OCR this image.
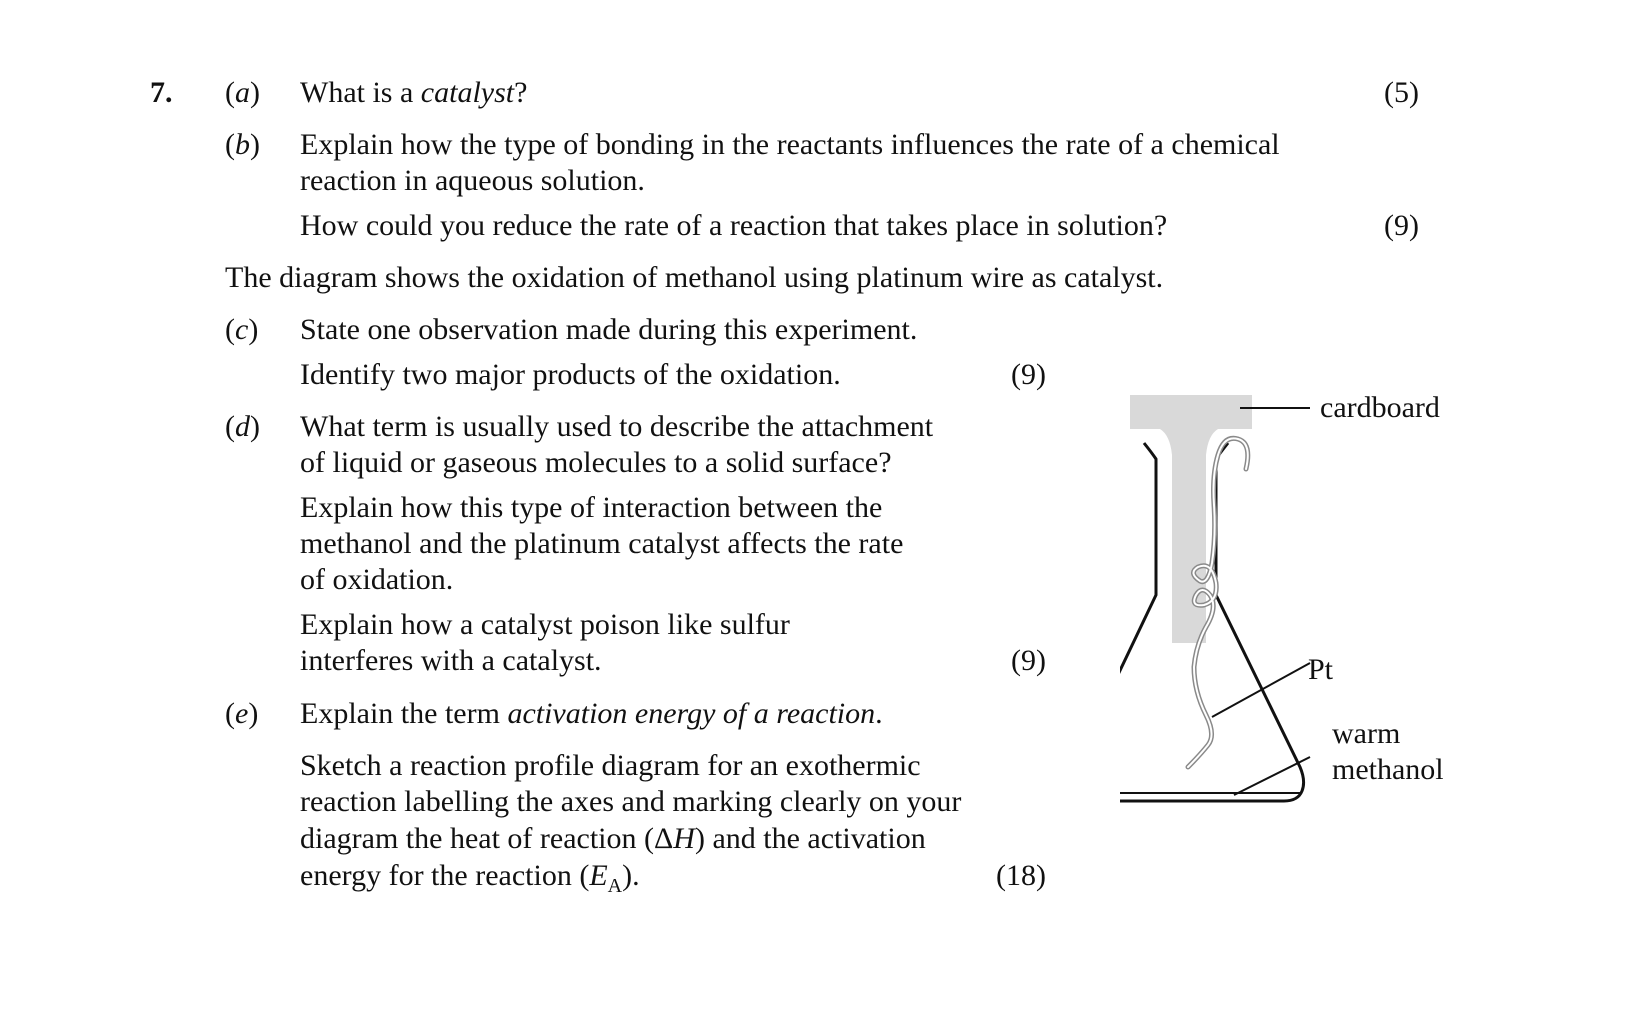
7. (a) What is a catalyst?	(5)
(b) Explain how the type of bonding in the reactants influences the rate of a chemical
reaction in aqueous solution.
How could you reduce the rate of a reaction that takes place in solution?	(9)
The diagram shows the oxidation of methanol using platinum wire as catalyst.
(c) State one observation made during this experiment.
Identify two major products of the oxidation.	(9)
(d) What term is usually used to describe the attachment
of liquid or gaseous molecules to a solid surface?
Explain how this type of interaction between the
methanol and the platinum catalyst affects the rate
of oxidation.
Explain how a catalyst poison like sulfur
interferes with a catalyst.	(9)
(e) Explain the term activation energy of a reaction.
Sketch a reaction profile diagram for an exothermic
reaction labelling the axes and marking clearly on your
diagram the heat of reaction (ΔH) and the activation
energy for the reaction $(E_A)$.	(18)
cardboard
Pt
warm
methanol
